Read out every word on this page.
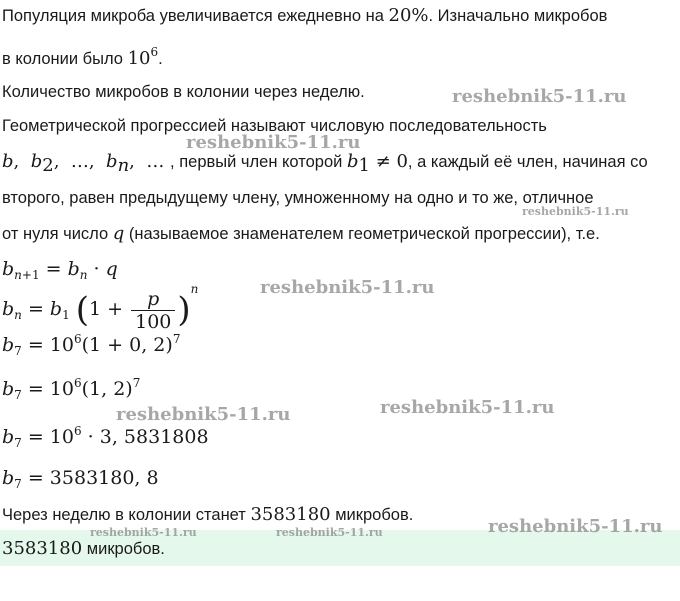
Популяция микроба увеличивается ежедневно на 20%. Изначально микробов
в колонии было $10^6$.
Количество микробов в колонии через неделю.
Геометрической прогрессией называют числовую последовательность
b,  $b_2$,  …,  $b_n$,  … , первый член которой $b_1 \ne 0$, а каждый её член, начиная со
второго, равен предыдущему члену, умноженному на одно и то же, отличное
от нуля число q (называемое знаменателем геометрической прогрессии), т.е.
$b_{n+1} = b_n \cdot q$
$b_n = b_1$ $(1 + \frac{p}{100} )^n$
$b_7 = 10^6(1 + 0$, 2)$^7$
$b_7 = 10^6(1$, 2)$^7$
$b_7 = 10^6 \cdot 3$, 5831808
$b_7 = 3583180$, 8
Через неделю в колонии станет 3583180 микробов.
3583180 микробов.
reshebnik5-11.ru
reshebnik5-11.ru
reshebnik5-11.ru
reshebnik5-11.ru
reshebnik5-11.ru
reshebnik5-11.ru
reshebnik5-11.ru
reshebnik5-11.ru	reshebnik5-11.ru
